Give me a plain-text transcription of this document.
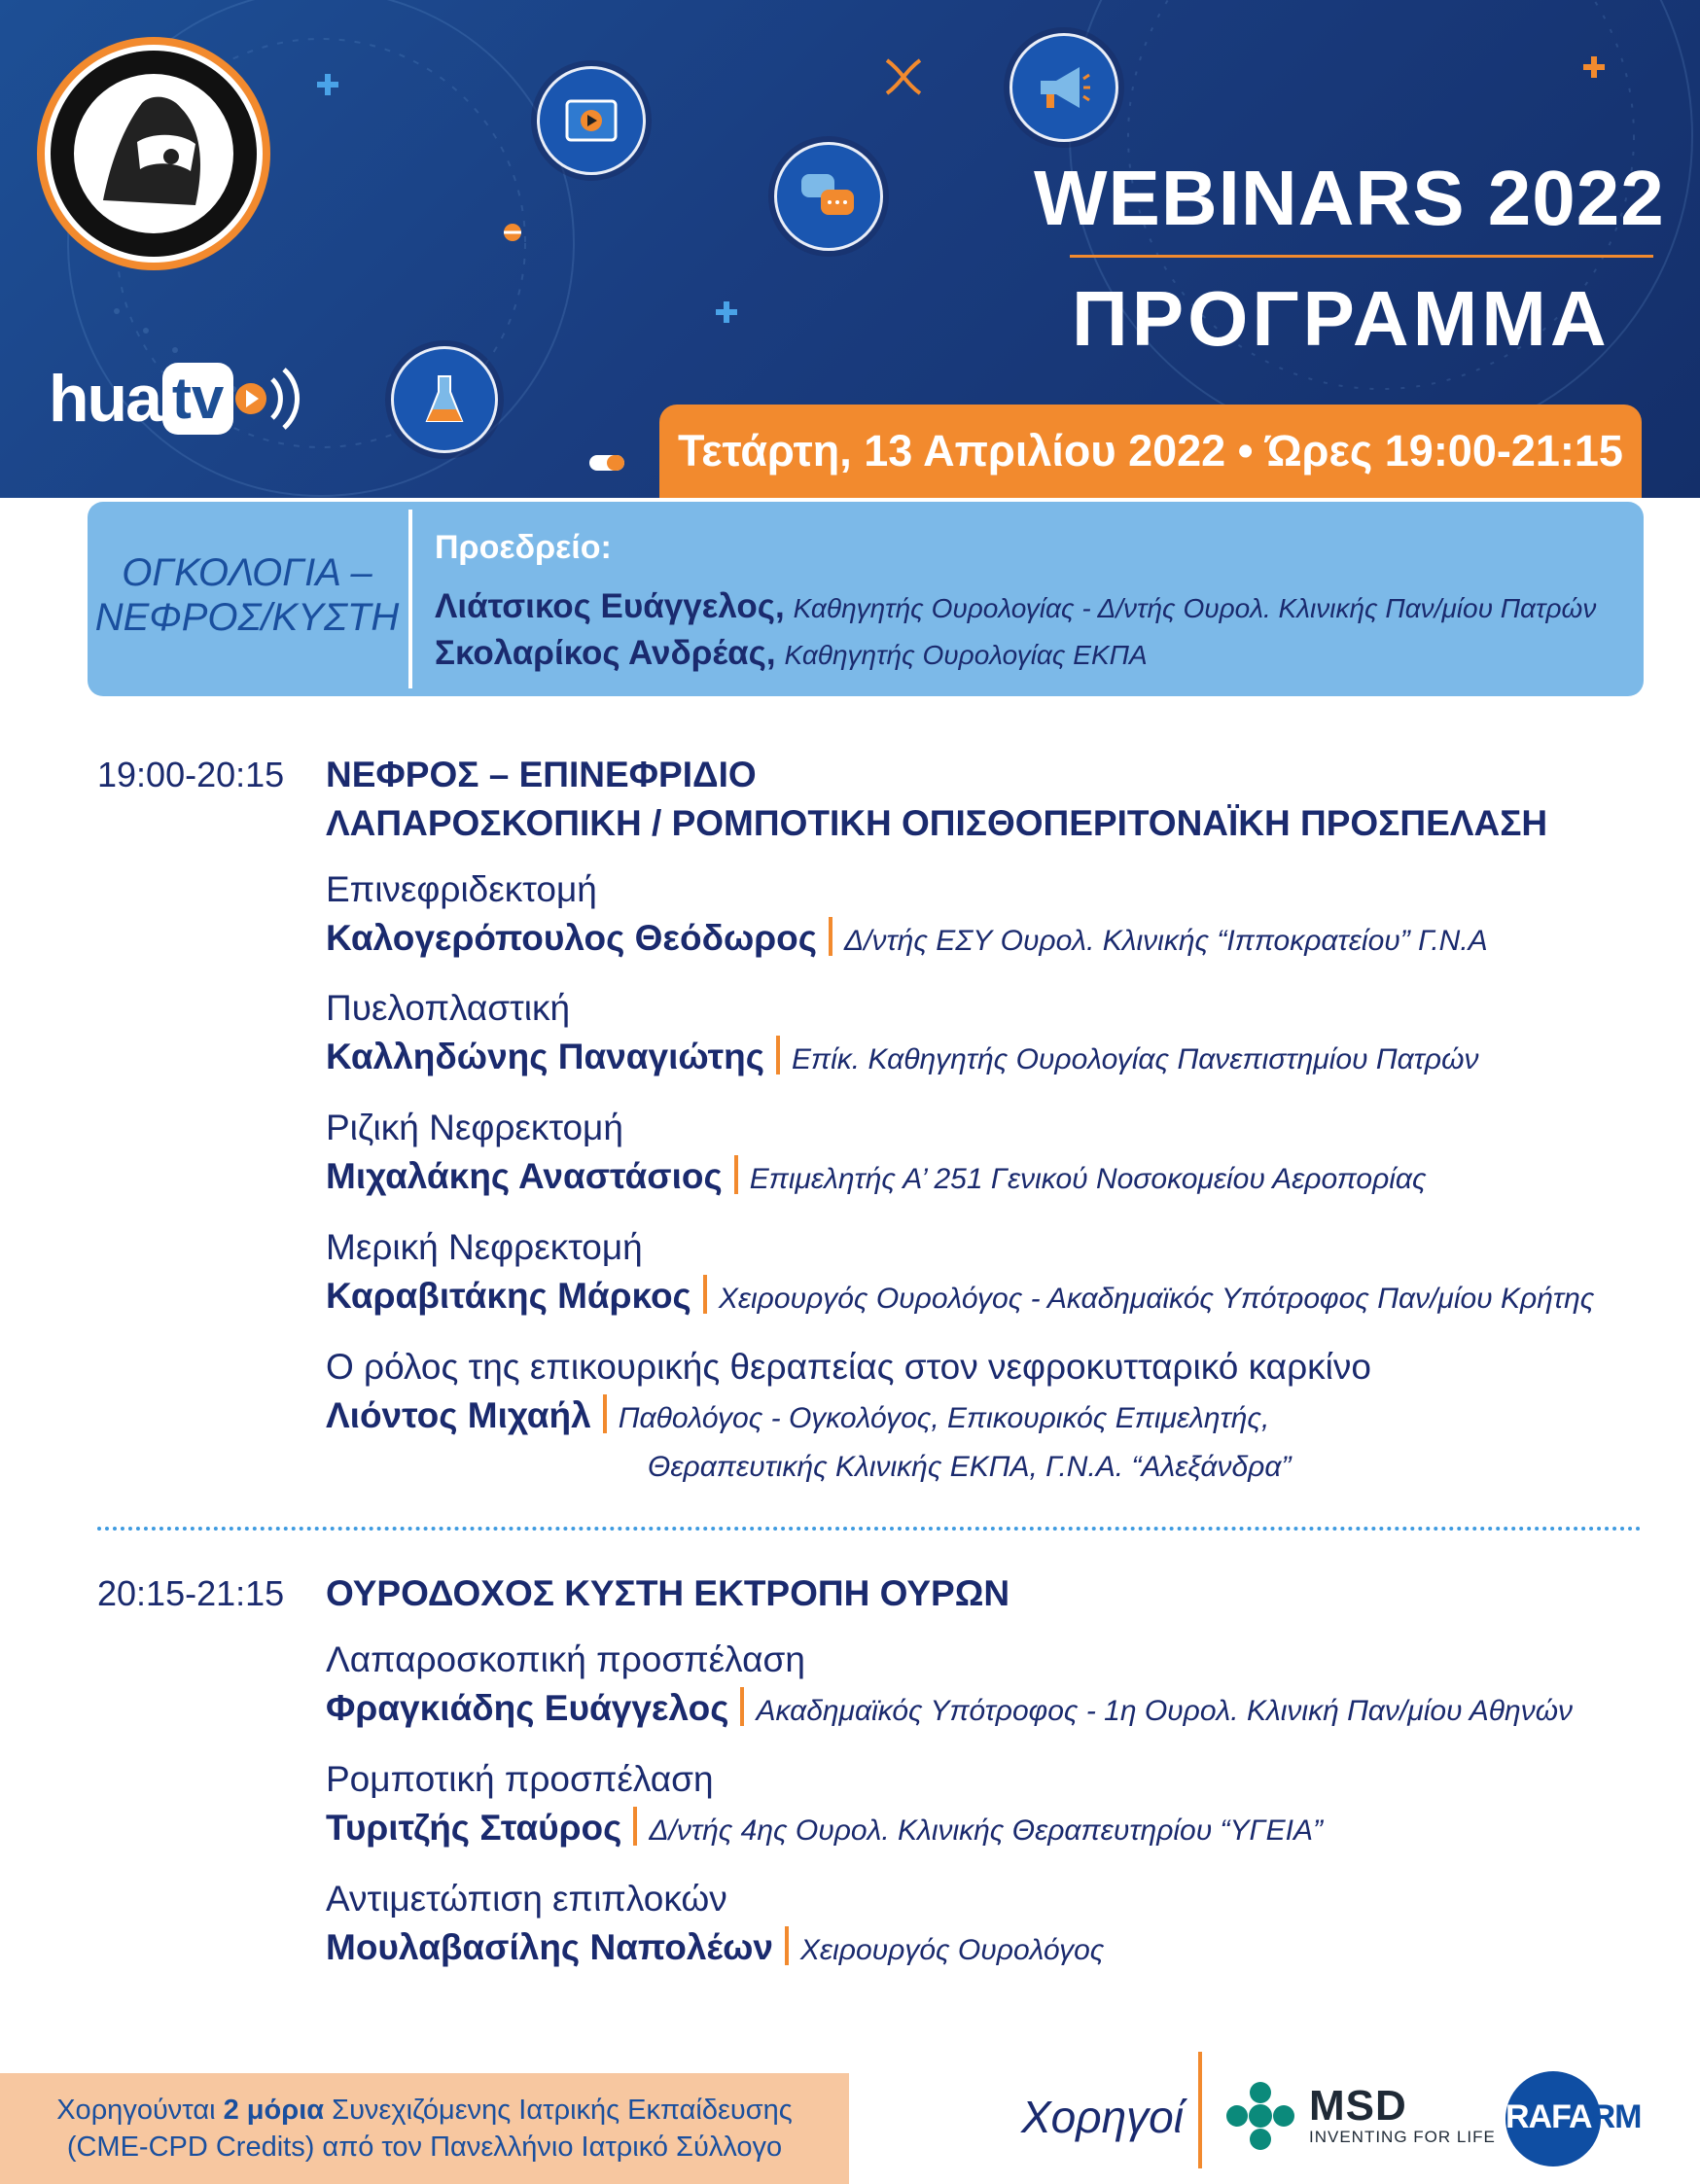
hua tv
WEBINARS 2022
ΠΡΟΓΡΑΜΜΑ
Τετάρτη, 13 Απριλίου 2022 • Ώρες 19:00-21:15
ΟΓΚΟΛΟΓΙΑ –
ΝΕΦΡΟΣ/ΚΥΣΤΗ
Προεδρείο:
Λιάτσικος Ευάγγελος, Καθηγητής Ουρολογίας - Δ/ντής Ουρολ. Κλινικής Παν/μίου Πατρών
Σκολαρίκος Ανδρέας, Καθηγητής Ουρολογίας ΕΚΠΑ
19:00-20:15 ΝΕΦΡΟΣ – ΕΠΙΝΕΦΡΙΔΙΟ
ΛΑΠΑΡΟΣΚΟΠΙΚΗ / ΡΟΜΠΟΤΙΚΗ ΟΠΙΣΘΟΠΕΡΙΤΟΝΑΪΚΗ ΠΡΟΣΠΕΛΑΣΗ
Επινεφριδεκτομή
Καλογερόπουλος Θεόδωρος Δ/ντής ΕΣΥ Ουρολ. Κλινικής “Ιπποκρατείου” Γ.Ν.Α
Πυελοπλαστική
Καλληδώνης Παναγιώτης Επίκ. Καθηγητής Ουρολογίας Πανεπιστημίου Πατρών
Ριζική Νεφρεκτομή
Μιχαλάκης Αναστάσιος Επιμελητής Α’ 251 Γενικού Νοσοκομείου Αεροπορίας
Μερική Νεφρεκτομή
Καραβιτάκης Μάρκος Χειρουργός Ουρολόγος - Ακαδημαϊκός Υπότροφος Παν/μίου Κρήτης
Ο ρόλος της επικουρικής θεραπείας στον νεφροκυτταρικό καρκίνο
Λιόντος Μιχαήλ Παθολόγος - Ογκολόγος, Επικουρικός Επιμελητής,
Θεραπευτικής Κλινικής ΕΚΠΑ, Γ.Ν.Α. “Αλεξάνδρα”
20:15-21:15 ΟΥΡΟΔΟΧΟΣ ΚΥΣΤΗ ΕΚΤΡΟΠΗ ΟΥΡΩΝ
Λαπαροσκοπική προσπέλαση
Φραγκιάδης Ευάγγελος Ακαδημαϊκός Υπότροφος - 1η Ουρολ. Κλινική Παν/μίου Αθηνών
Ρομποτική προσπέλαση
Τυριτζής Σταύρος Δ/ντής 4ης Ουρολ. Κλινικής Θεραπευτηρίου “ΥΓΕΙΑ”
Αντιμετώπιση επιπλοκών
Μουλαβασίλης Ναπολέων Χειρουργός Ουρολόγος
Χορηγούνται 2 μόρια Συνεχιζόμενης Ιατρικής Εκπαίδευσης
(CME-CPD Credits) από τον Πανελλήνιο Ιατρικό Σύλλογο
Χορηγοί	MSD
INVENTING FOR LIFE
RAFARM
